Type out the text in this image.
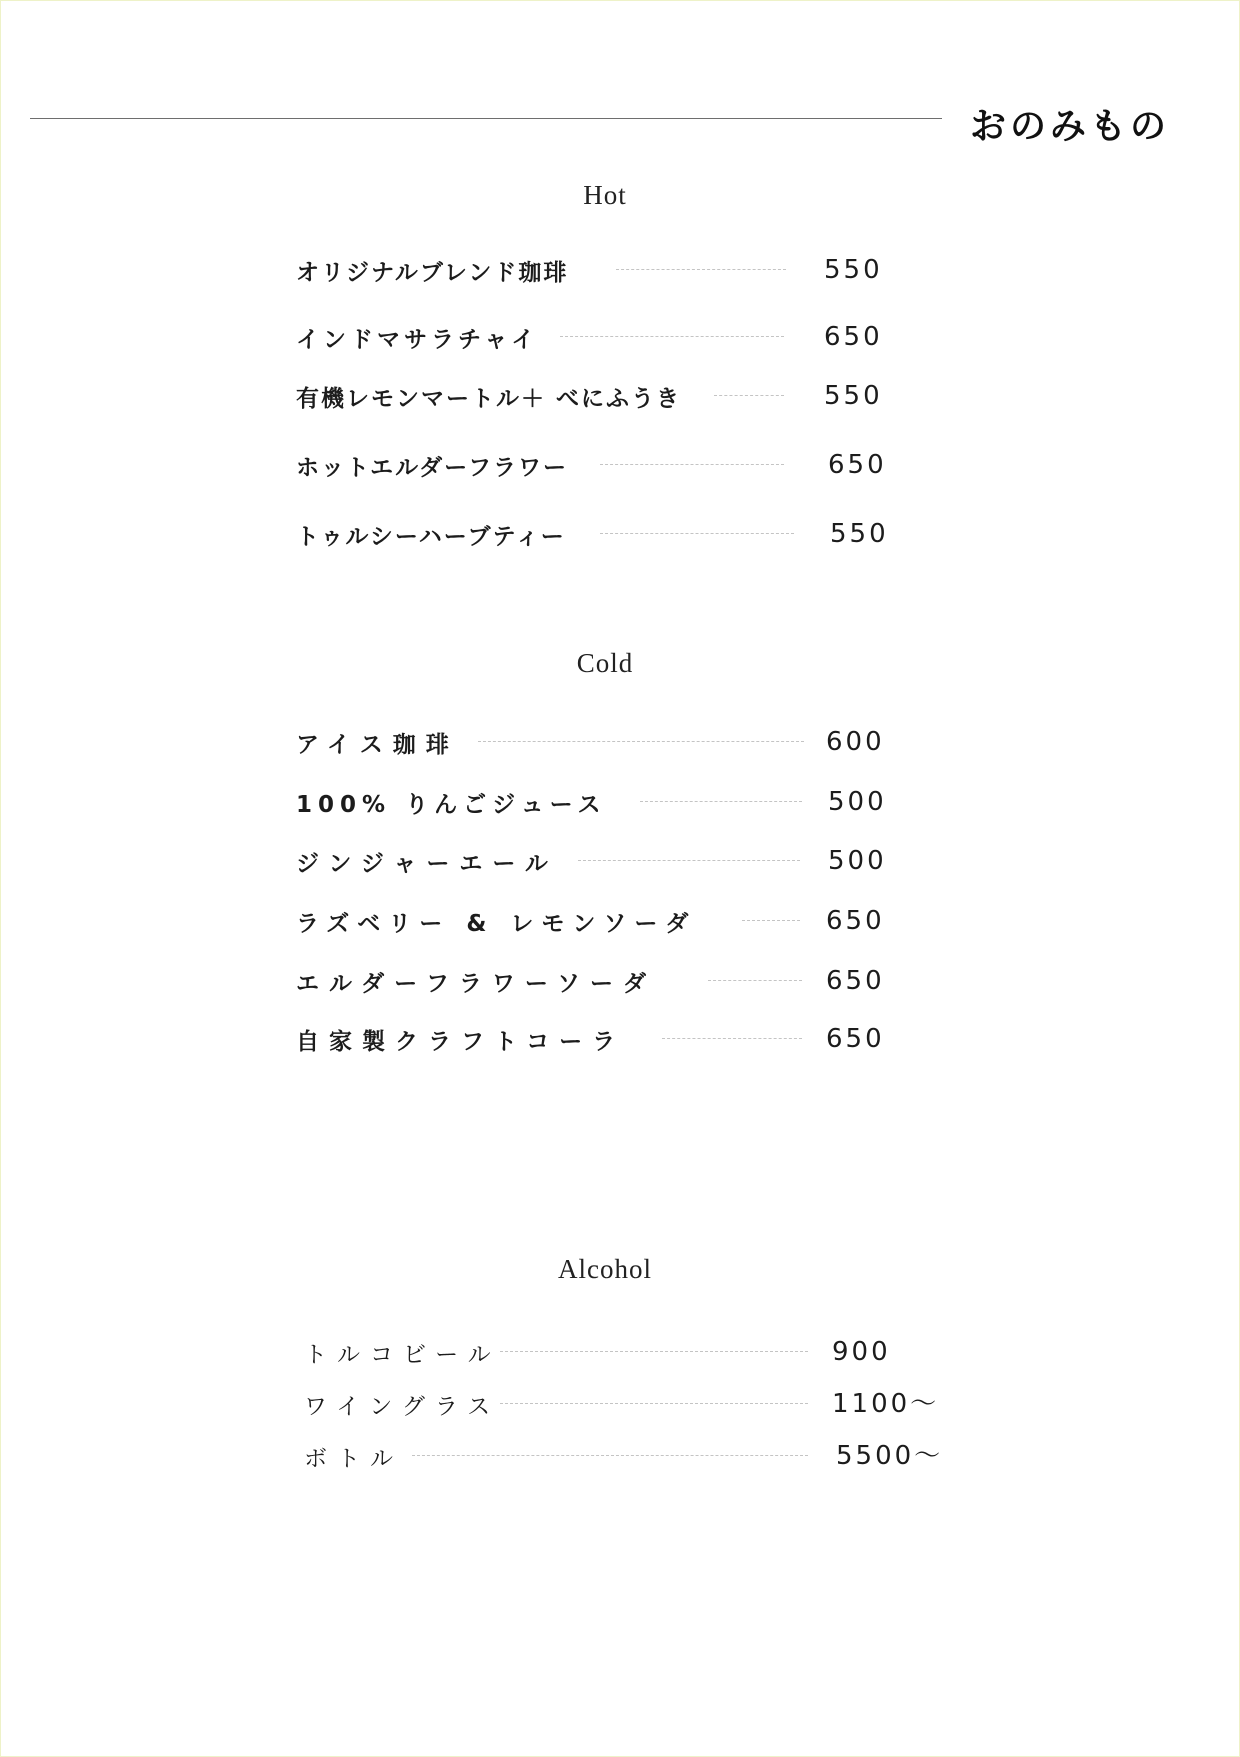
おのみもの
Hot
オリジナルブレンド珈琲	550
インドマサラチャイ	650
有機レモンマートル＋ べにふうき	550
ホットエルダーフラワー	650
トゥルシーハーブティー	550
Cold
アイス珈琲	600
100% りんごジュース	500
ジンジャーエール	500
ラズベリー & レモンソーダ	650
エルダーフラワーソーダ	650
自家製クラフトコーラ	650
Alcohol
トルコビール	900
ワイングラス	1100〜
ボトル	5500〜
